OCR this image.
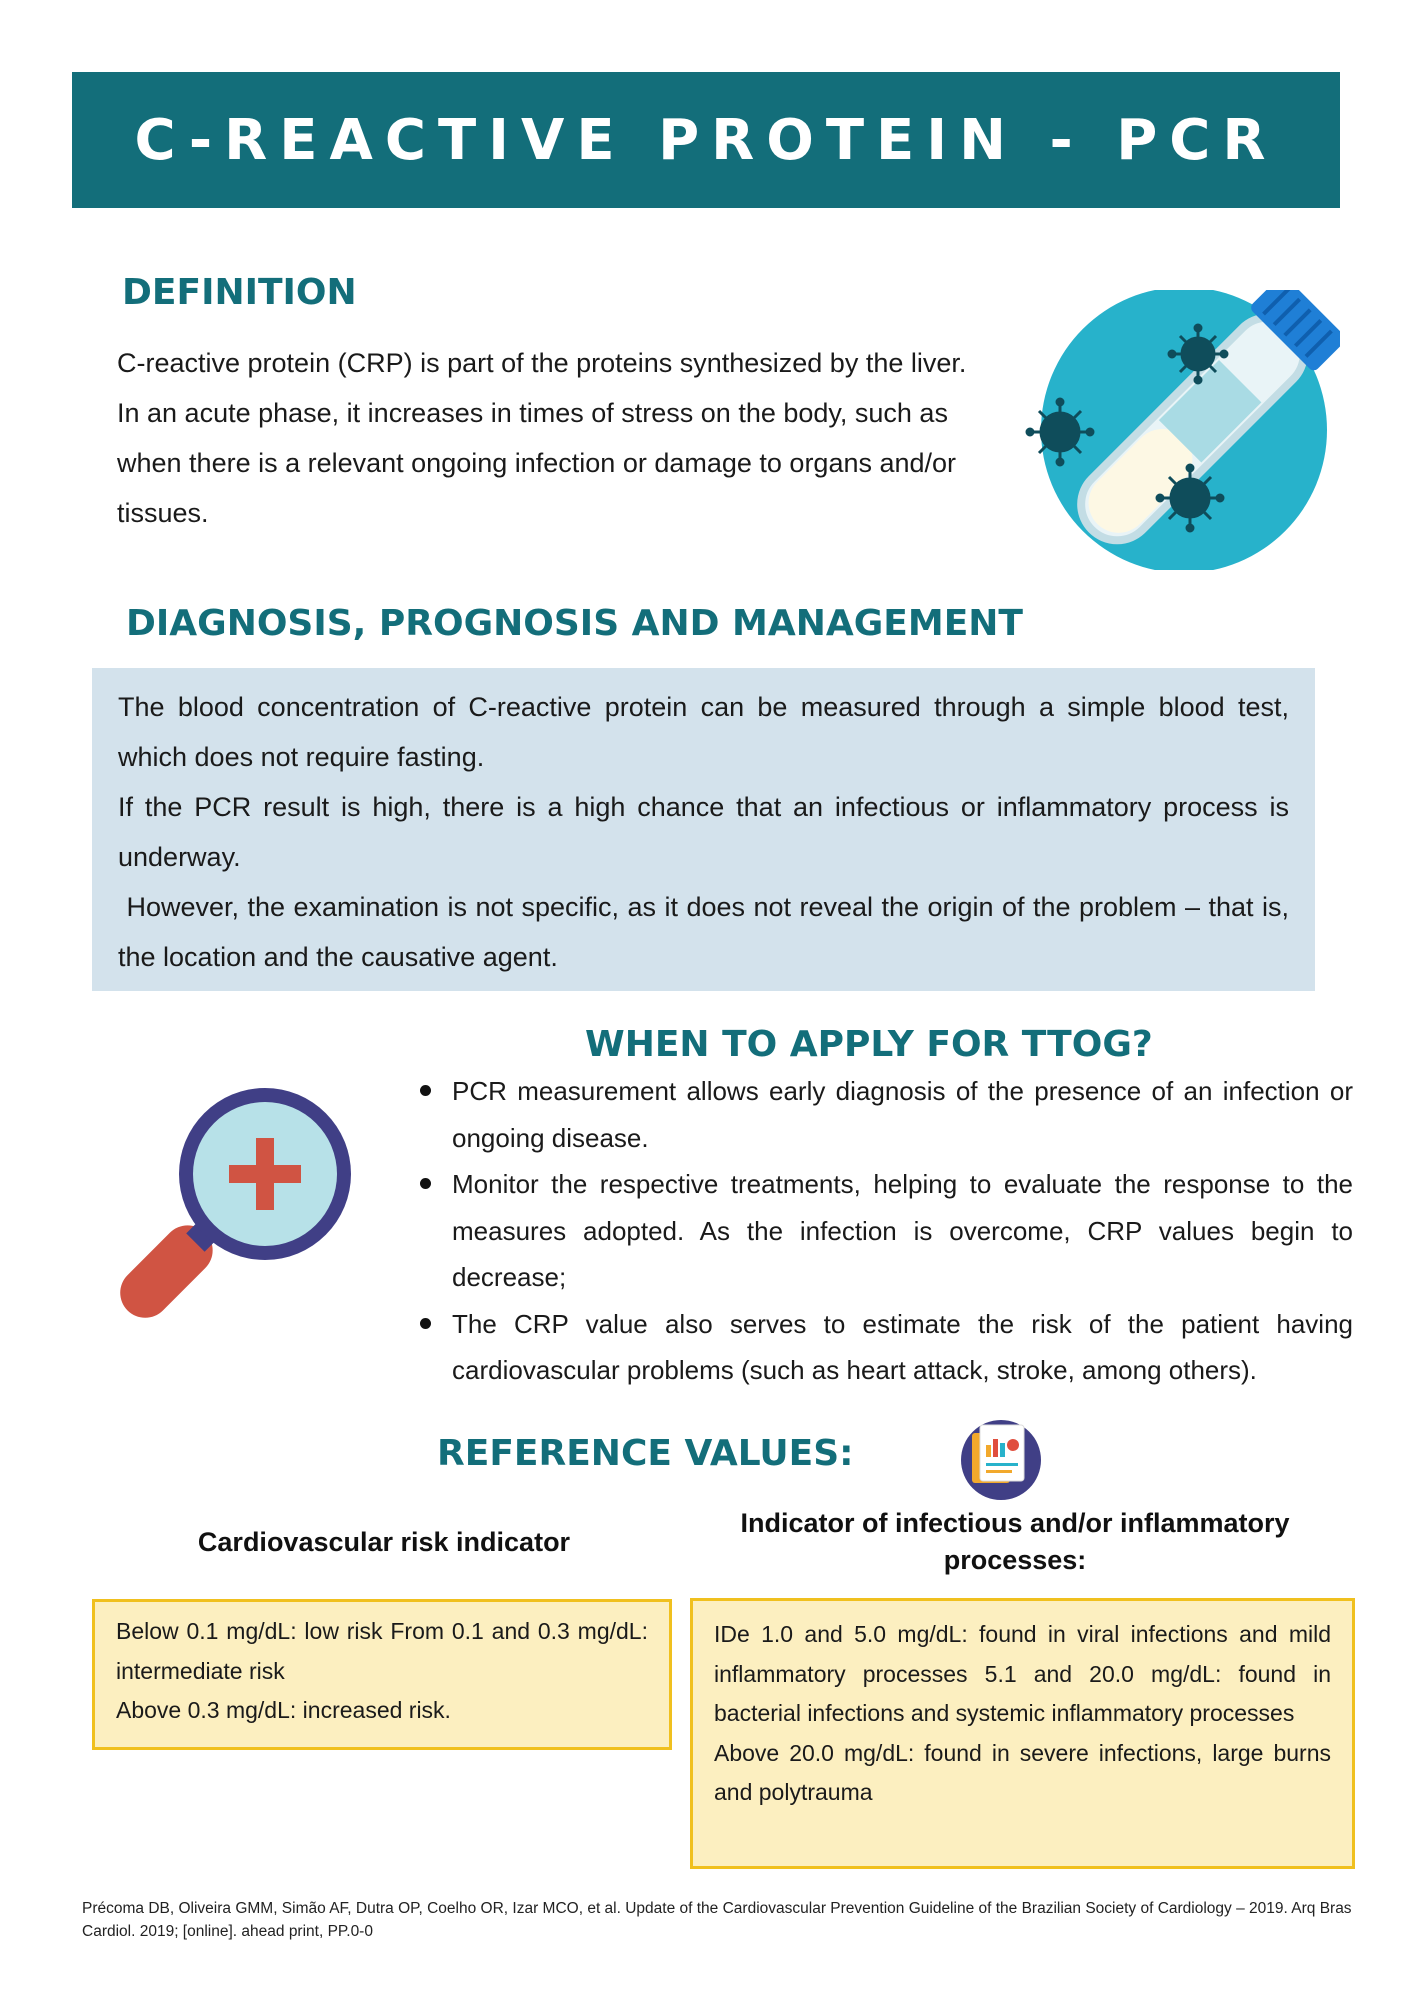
C-REACTIVE PROTEIN - PCR
DEFINITION

C-reactive protein (CRP) is part of the proteins synthesized by the liver.

In an acute phase, it increases in times of stress on the body, such as when there is a relevant ongoing infection or damage to organs and/or tissues.

DIAGNOSIS, PROGNOSIS AND MANAGEMENT

The blood concentration of C-reactive protein can be measured through a simple blood test, which does not require fasting.

If the PCR result is high, there is a high chance that an infectious or inflammatory process is underway.

However, the examination is not specific, as it does not reveal the origin of the problem – that is, the location and the causative agent.

WHEN TO APPLY FOR TTOG?
PCR measurement allows early diagnosis of the presence of an infection or ongoing disease.
Monitor the respective treatments, helping to evaluate the response to the measures adopted. As the infection is overcome, CRP values begin to decrease;
The CRP value also serves to estimate the risk of the patient having cardiovascular problems (such as heart attack, stroke, among others).
REFERENCE VALUES:
Cardiovascular risk indicator
Indicator of infectious and/or inflammatory processes:

Below 0.1 mg/dL: low risk From 0.1 and 0.3 mg/dL: intermediate risk

Above 0.3 mg/dL: increased risk.

IDe 1.0 and 5.0 mg/dL: found in viral infections and mild inflammatory processes 5.1 and 20.0 mg/dL: found in bacterial infections and systemic inflammatory processes

Above 20.0 mg/dL: found in severe infections, large burns and polytrauma

Précoma DB, Oliveira GMM, Simão AF, Dutra OP, Coelho OR, Izar MCO, et al. Update of the Cardiovascular Prevention Guideline of the Brazilian Society of Cardiology – 2019. Arq Bras Cardiol. 2019; [online]. ahead print, PP.0-0
